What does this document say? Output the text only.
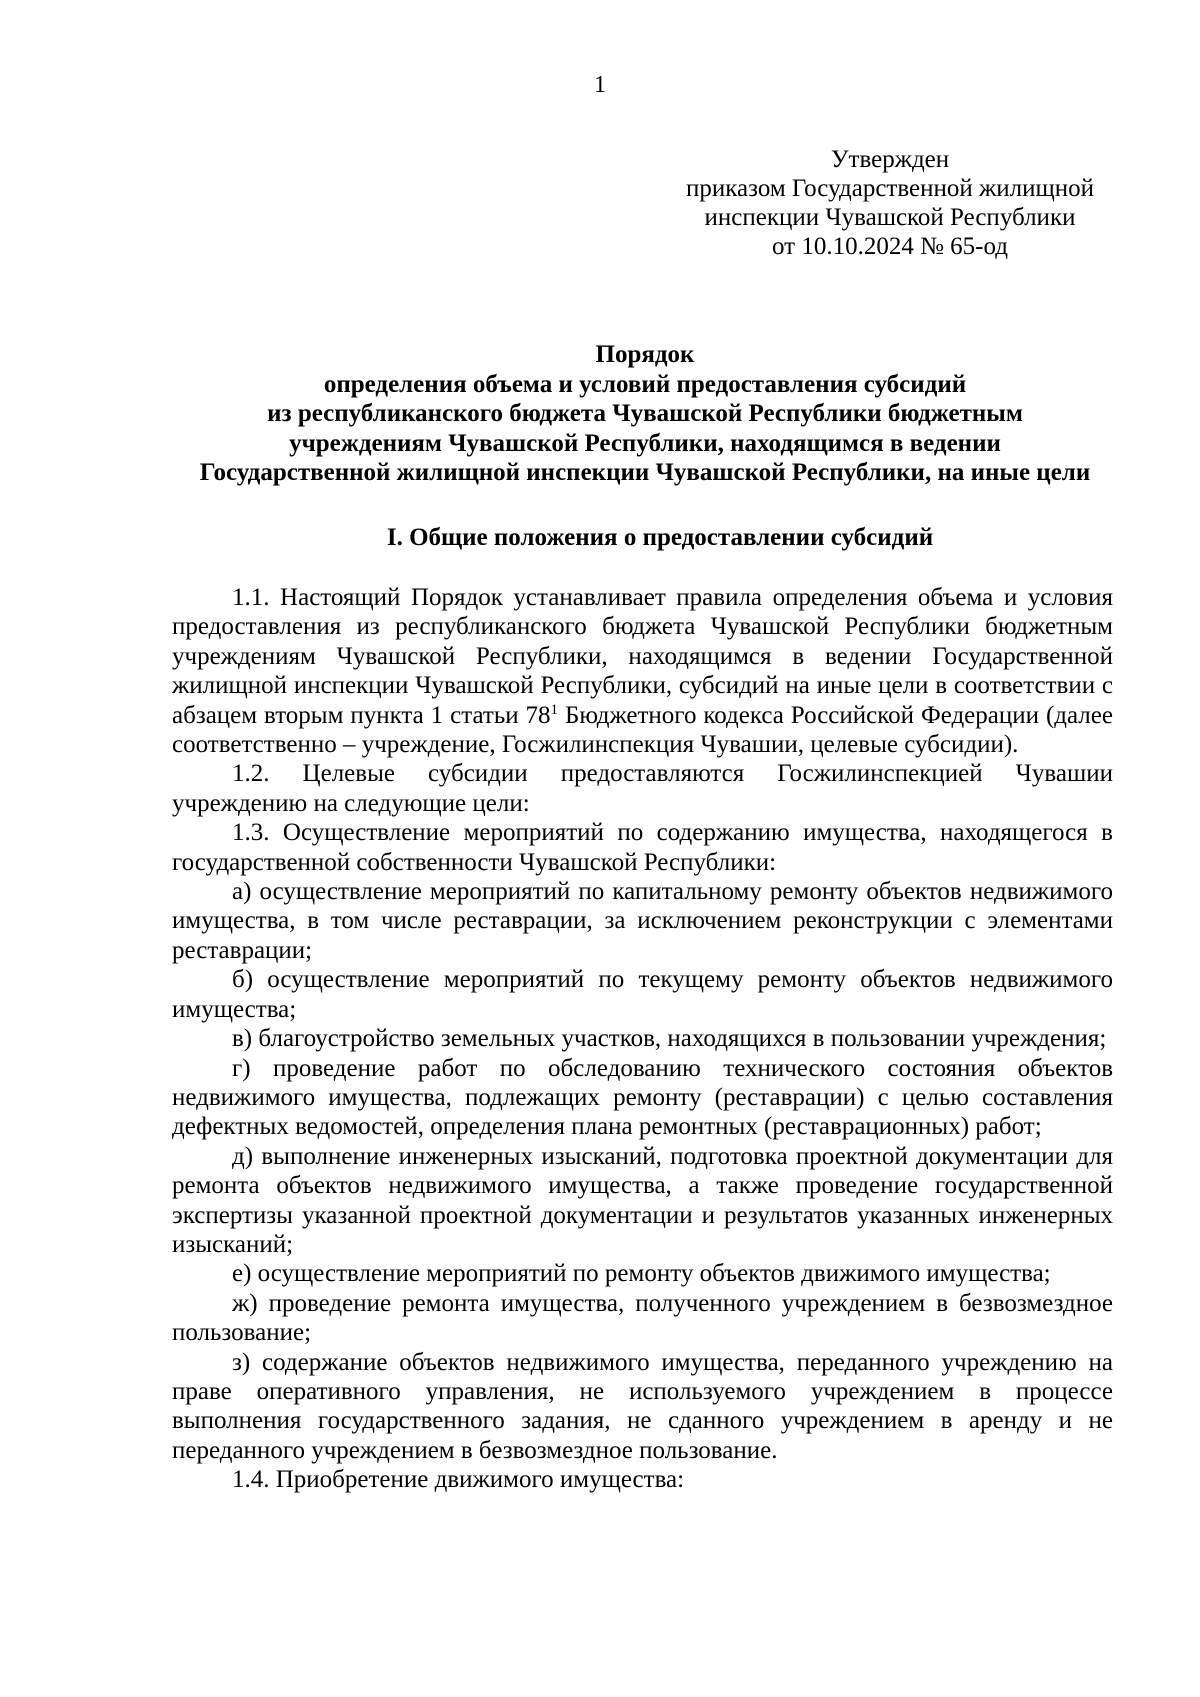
1
Утвержден
приказом Государственной жилищной
инспекции Чувашской Республики
от 10.10.2024 № 65-од
Порядок
определения объема и условий предоставления субсидий
из республиканского бюджета Чувашской Республики бюджетным
учреждениям Чувашской Республики, находящимся в ведении
Государственной жилищной инспекции Чувашской Республики, на иные цели
I. Общие положения о предоставлении субсидий

1.1. Настоящий Порядок устанавливает правила определения объема и условия предоставления из республиканского бюджета Чувашской Республики бюджетным учреждениям Чувашской Республики, находящимся в ведении Государственной жилищной инспекции Чувашской Республики, субсидий на иные цели в соответствии с абзацем вторым пункта 1 статьи $78^1$ Бюджетного кодекса Российской Федерации (далее соответственно – учреждение, Госжилинспекция Чувашии, целевые субсидии).

1.2. Целевые субсидии предоставляются Госжилинспекцией Чувашии учреждению на следующие цели:

1.3. Осуществление мероприятий по содержанию имущества, находящегося в государственной собственности Чувашской Республики:

а) осуществление мероприятий по капитальному ремонту объектов недвижимого имущества, в том числе реставрации, за исключением реконструкции с элементами реставрации;

б) осуществление мероприятий по текущему ремонту объектов недвижимого имущества;

в) благоустройство земельных участков, находящихся в пользовании учреждения;

г) проведение работ по обследованию технического состояния объектов недвижимого имущества, подлежащих ремонту (реставрации) с целью составления дефектных ведомостей, определения плана ремонтных (реставрационных) работ;

д) выполнение инженерных изысканий, подготовка проектной документации для ремонта объектов недвижимого имущества, а также проведение государственной экспертизы указанной проектной документации и результатов указанных инженерных изысканий;

е) осуществление мероприятий по ремонту объектов движимого имущества;

ж) проведение ремонта имущества, полученного учреждением в безвозмездное пользование;

з) содержание объектов недвижимого имущества, переданного учреждению на праве оперативного управления, не используемого учреждением в процессе выполнения государственного задания, не сданного учреждением в аренду и не переданного учреждением в безвозмездное пользование.

1.4. Приобретение движимого имущества:
